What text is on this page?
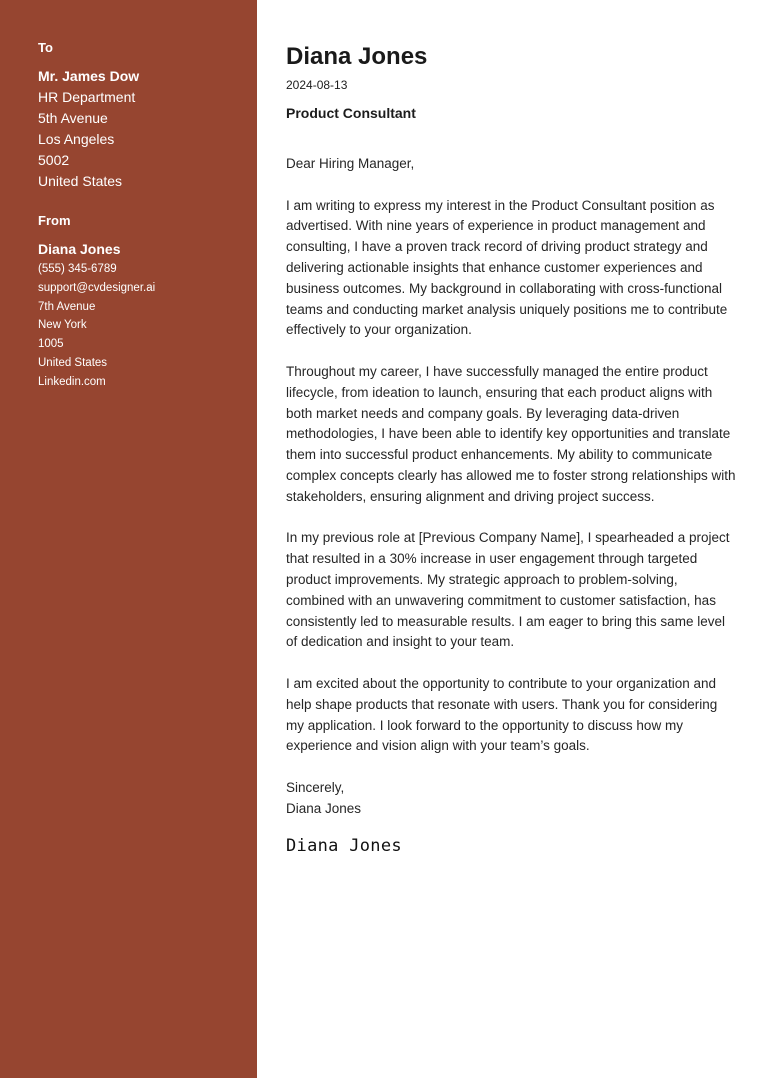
To
Mr. James Dow
HR Department
5th Avenue
Los Angeles
5002
United States
From
Diana Jones
(555) 345-6789
support@cvdesigner.ai
7th Avenue
New York
1005
United States
Linkedin.com
Diana Jones
2024-08-13
Product Consultant

Dear Hiring Manager,

I am writing to express my interest in the Product Consultant position as advertised. With nine years of experience in product management and consulting, I have a proven track record of driving product strategy and delivering actionable insights that enhance customer experiences and business outcomes. My background in collaborating with cross-functional teams and conducting market analysis uniquely positions me to contribute effectively to your organization.

Throughout my career, I have successfully managed the entire product lifecycle, from ideation to launch, ensuring that each product aligns with both market needs and company goals. By leveraging data-driven methodologies, I have been able to identify key opportunities and translate them into successful product enhancements. My ability to communicate complex concepts clearly has allowed me to foster strong relationships with stakeholders, ensuring alignment and driving project success.

In my previous role at [Previous Company Name], I spearheaded a project that resulted in a 30% increase in user engagement through targeted product improvements. My strategic approach to problem-solving, combined with an unwavering commitment to customer satisfaction, has consistently led to measurable results. I am eager to bring this same level of dedication and insight to your team.

I am excited about the opportunity to contribute to your organization and help shape products that resonate with users. Thank you for considering my application. I look forward to the opportunity to discuss how my experience and vision align with your team’s goals.

Sincerely,

Diana Jones

Diana Jones
